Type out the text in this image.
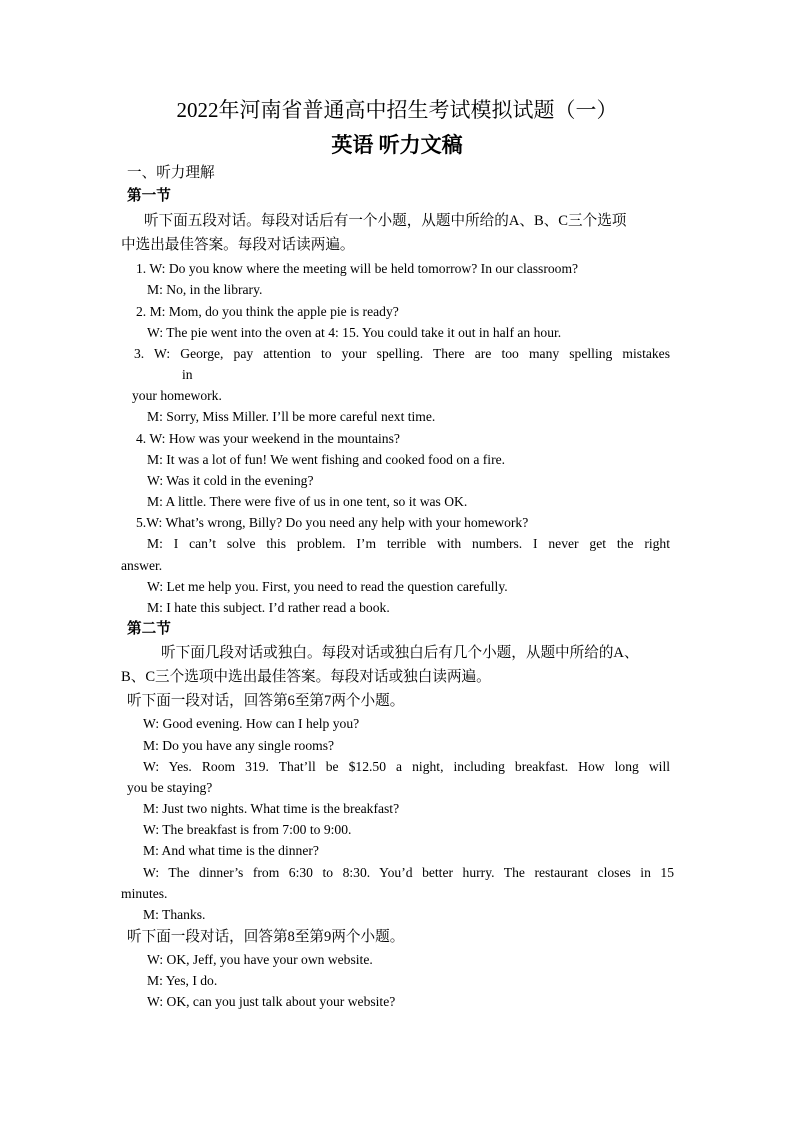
2022年河南省普通高中招生考试模拟试题（一）
英语 听力文稿
一、听力理解
第一节
听下面五段对话。每段对话后有一个小题，从题中所给的A、B、C三个选项
中选出最佳答案。每段对话读两遍。
1. W: Do you know where the meeting will be held tomorrow? In our classroom?
M: No, in the library.
2. M: Mom, do you think the apple pie is ready?
W: The pie went into the oven at 4: 15. You could take it out in half an hour.
3. W: George, pay attention to your spelling. There are too many spelling mistakes
in
your homework.
M: Sorry, Miss Miller. I’ll be more careful next time.
4. W: How was your weekend in the mountains?
M: It was a lot of fun! We went fishing and cooked food on a fire.
W: Was it cold in the evening?
M: A little. There were five of us in one tent, so it was OK.
5.W: What’s wrong, Billy? Do you need any help with your homework?
M: I can’t solve this problem. I’m terrible with numbers. I never get the right
answer.
W: Let me help you. First, you need to read the question carefully.
M: I hate this subject. I’d rather read a book.
第二节
听下面几段对话或独白。每段对话或独白后有几个小题，从题中所给的A、
B、C三个选项中选出最佳答案。每段对话或独白读两遍。
听下面一段对话，回答第6至第7两个小题。
W: Good evening. How can I help you?
M: Do you have any single rooms?
W: Yes. Room 319. That’ll be $12.50 a night, including breakfast. How long will
you be staying?
M: Just two nights. What time is the breakfast?
W: The breakfast is from 7:00 to 9:00.
M: And what time is the dinner?
W: The dinner’s from 6:30 to 8:30. You’d better hurry. The restaurant closes in 15
minutes.
M: Thanks.
听下面一段对话，回答第8至第9两个小题。
W: OK, Jeff, you have your own website.
M: Yes, I do.
W: OK, can you just talk about your website?
